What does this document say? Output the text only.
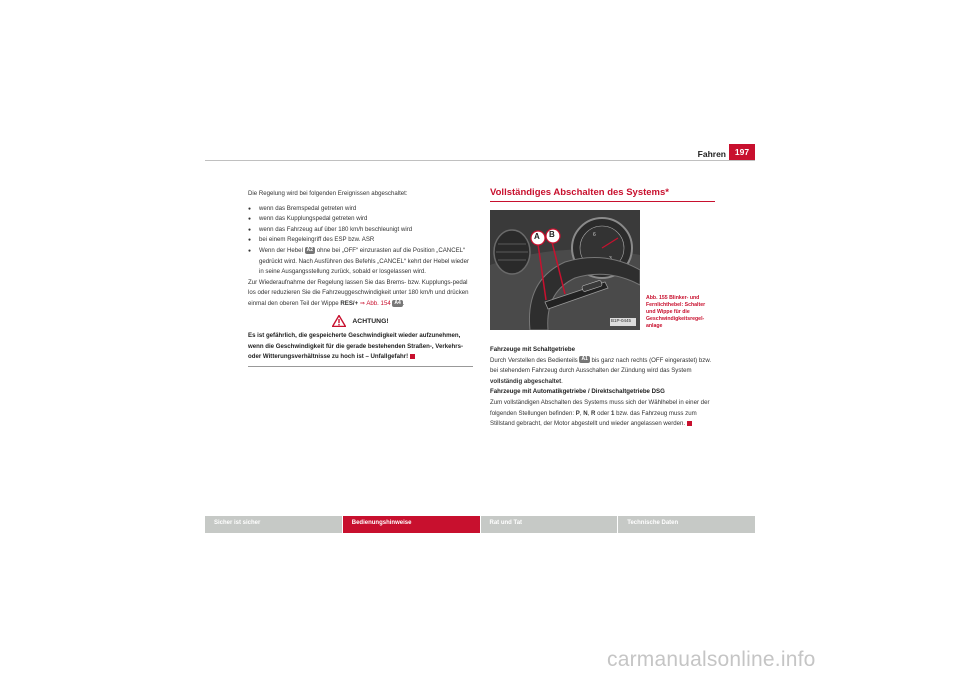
Fahren	197

Die Regelung wird bei folgenden Ereignissen abgeschaltet:

● wenn das Bremspedal getreten wird
● wenn das Kupplungspedal getreten wird
● wenn das Fahrzeug auf über 180 km/h beschleunigt wird
● bei einem Regeleingriff des ESP bzw. ASR

● Wenn der Hebel A2 ohne bei „OFF“ einzurasten auf die Position „CANCEL“ gedrückt wird. Nach Ausführen des Befehls „CANCEL“ kehrt der Hebel wieder in seine Ausgangsstellung zurück, sobald er losgelassen wird.

Zur Wiederaufnahme der Regelung lassen Sie das Brems- bzw. Kupplungs-pedal los oder reduzieren Sie die Fahrzeuggeschwindigkeit unter 180 km/h und drücken einmal den oberen Teil der Wippe RES/+ ⇒ Abb. 154 A4 .

ACHTUNG!
Es ist gefährlich, die gespeicherte Geschwindigkeit wieder aufzunehmen, wenn die Geschwindigkeit für die gerade bestehenden Straßen-, Verkehrs- oder Witterungsverhältnisse zu hoch ist – Unfallgefahr!
Vollständiges Abschalten des Systems*
6
A B
B1P-0445
Abb. 155 Blinker- und Fernlichthebel: Schalter und Wippe für die Geschwindigkeitsregel-anlage

Fahrzeuge mit Schaltgetriebe

Durch Verstellen des Bedienteils A1 bis ganz nach rechts (OFF eingerastet) bzw. bei stehendem Fahrzeug durch Ausschalten der Zündung wird das System vollständig abgeschaltet.

Fahrzeuge mit Automatikgetriebe / Direktschaltgetriebe DSG

Zum vollständigen Abschalten des Systems muss sich der Wählhebel in einer der folgenden Stellungen befinden: P, N, R oder 1 bzw. das Fahrzeug muss zum Stillstand gebracht, der Motor abgestellt und wieder angelassen werden.

Sicher ist sicher	Bedienungshinweise	Rat und Tat	Technische Daten
carmanualsonline.info
